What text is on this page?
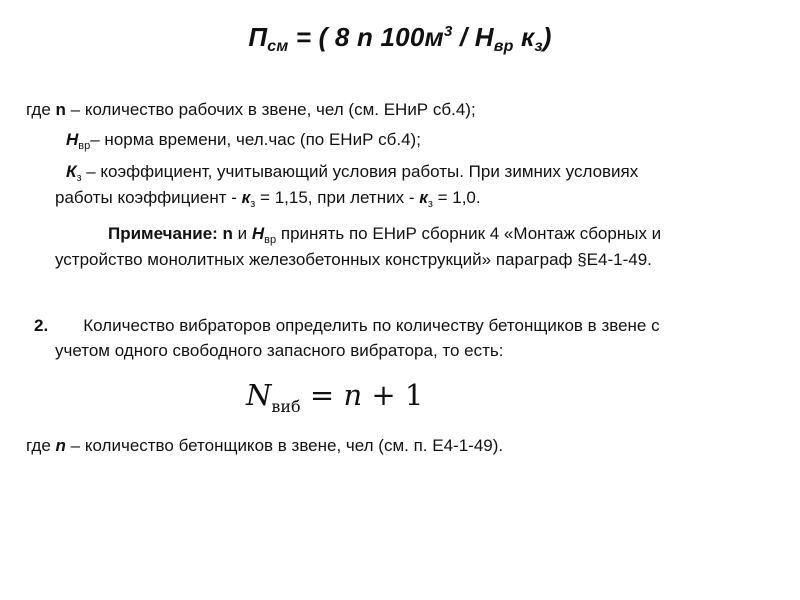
$П_{см}$ = ( 8 n $100м^3 / Н_{вр}$ $к_з$)
где n – количество рабочих в звене, чел (см. ЕНиР сб.4);
$Н_{вр}-$ норма времени, чел.час (по ЕНиР сб.4);
$К_з$ – коэффициент, учитывающий условия работы. При зимних условиях
работы коэффициент - $к_з = 1,15$, при летних - $к_з = 1,0$.
Примечание: n и $Н_{вр}$ принять по ЕНиР сборник 4 «Монтаж сборных и
устройство монолитных железобетонных конструкций» параграф §Е4-1-49.
2. Количество вибраторов определить по количеству бетонщиков в звене с
учетом одного свободного запасного вибратора, то есть:
$N_{виб} = n + 1$
где n – количество бетонщиков в звене, чел (см. п. Е4-1-49).
